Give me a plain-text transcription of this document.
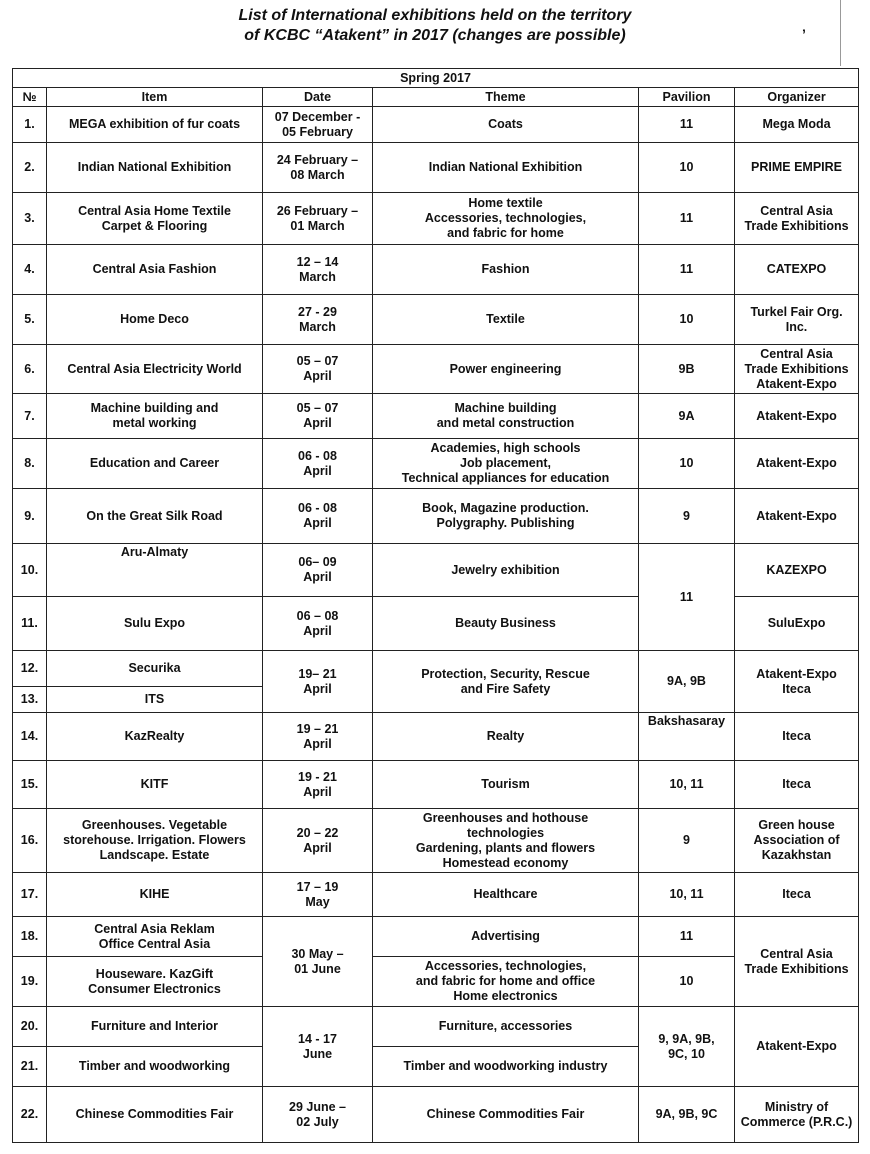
List of International exhibitions held on the territory
of KCBC “Atakent” in 2017 (changes are possible)	’
Spring 2017					
№	Item	Date	Theme	Pavilion	Organizer
1.	MEGA exhibition of fur coats	07 December -
05 February	Coats	11	Mega Moda
2.	Indian National Exhibition	24 February –
08 March	Indian National Exhibition	10	PRIME EMPIRE
3.	Central Asia Home Textile
Carpet & Flooring	26 February –
01 March	Home textile
Accessories, technologies,
and fabric for home	11	Central Asia
Trade Exhibitions
4.	Central Asia Fashion	12 – 14
March	Fashion	11	CATEXPO
5.	Home Deco	27 - 29
March	Textile	10	Turkel Fair Org.
Inc.
6.	Central Asia Electricity World	05 – 07
April	Power engineering	9B	Central Asia
Trade Exhibitions
Atakent-Expo
7.	Machine building and
metal working	05 – 07
April	Machine building
and metal construction	9A	Atakent-Expo
8.	Education and Career	06 - 08
April	Academies, high schools
Job placement,
Technical appliances for education	10	Atakent-Expo
9.	On the Great Silk Road	06 - 08
April	Book, Magazine production.
Polygraphy. Publishing	9	Atakent-Expo
10.	Aru-Almaty	06– 09
April	Jewelry exhibition	11	KAZEXPO
11.	Sulu Expo	06 – 08
April	Beauty Business		SuluExpo
12.	Securika	19– 21
April	Protection, Security, Rescue
and Fire Safety	9A, 9B	Atakent-Expo
Iteca
13.	ITS				
14.	KazRealty	19 – 21
April	Realty	Bakshasaray	Iteca
15.	KITF	19 - 21
April	Tourism	10, 11	Iteca
16.	Greenhouses. Vegetable
storehouse. Irrigation. Flowers
Landscape. Estate	20 – 22
April	Greenhouses and hothouse
technologies
Gardening, plants and flowers
Homestead economy	9	Green house
Association of
Kazakhstan
17.	KIHE	17 – 19
May	Healthcare	10, 11	Iteca
18.	Central Asia Reklam
Office Central Asia	30 May –
01 June	Advertising	11	Central Asia
Trade Exhibitions
19.	Houseware. KazGift
Consumer Electronics		Accessories, technologies,
and fabric for home and office
Home electronics	10	
20.	Furniture and Interior	14 - 17
June	Furniture, accessories	9, 9A, 9B,
9C, 10	Atakent-Expo
21.	Timber and woodworking		Timber and woodworking industry		
22.	Chinese Commodities Fair	29 June –
02 July	Chinese Commodities Fair	9A, 9B, 9C	Ministry of
Commerce (P.R.C.)
